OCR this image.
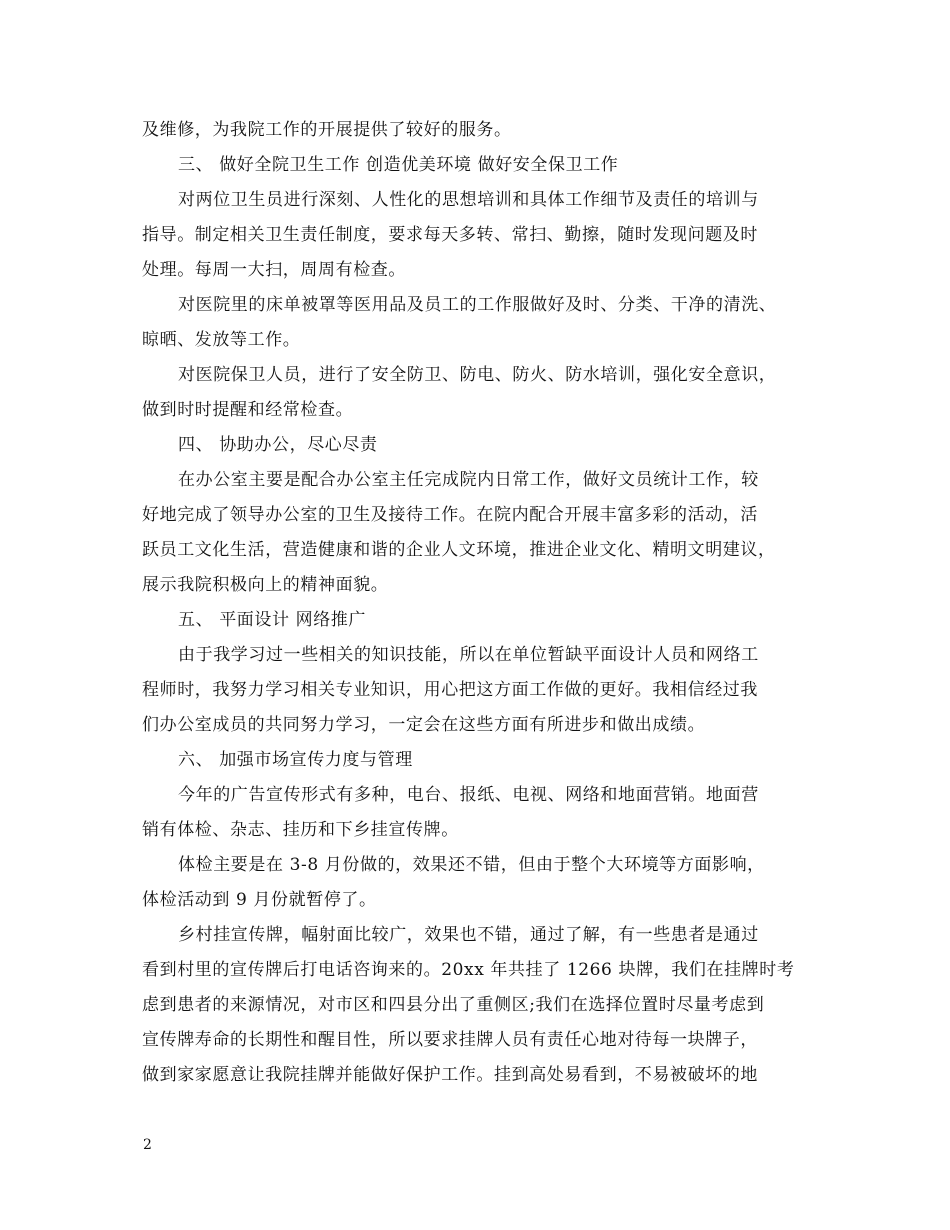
及维修，为我院工作的开展提供了较好的服务。
三、 做好全院卫生工作 创造优美环境 做好安全保卫工作
对两位卫生员进行深刻、人性化的思想培训和具体工作细节及责任的培训与
指导。制定相关卫生责任制度，要求每天多转、常扫、勤擦，随时发现问题及时
处理。每周一大扫，周周有检查。
对医院里的床单被罩等医用品及员工的工作服做好及时、分类、干净的清洗、
晾晒、发放等工作。
对医院保卫人员，进行了安全防卫、防电、防火、防水培训，强化安全意识，
做到时时提醒和经常检查。
四、 协助办公，尽心尽责
在办公室主要是配合办公室主任完成院内日常工作，做好文员统计工作，较
好地完成了领导办公室的卫生及接待工作。在院内配合开展丰富多彩的活动，活
跃员工文化生活，营造健康和谐的企业人文环境，推进企业文化、精明文明建议，
展示我院积极向上的精神面貌。
五、 平面设计 网络推广
由于我学习过一些相关的知识技能，所以在单位暂缺平面设计人员和网络工
程师时，我努力学习相关专业知识，用心把这方面工作做的更好。我相信经过我
们办公室成员的共同努力学习，一定会在这些方面有所进步和做出成绩。
六、 加强市场宣传力度与管理
今年的广告宣传形式有多种，电台、报纸、电视、网络和地面营销。地面营
销有体检、杂志、挂历和下乡挂宣传牌。
体检主要是在 3-8 月份做的，效果还不错，但由于整个大环境等方面影响，
体检活动到 9 月份就暂停了。
乡村挂宣传牌，幅射面比较广，效果也不错，通过了解，有一些患者是通过
看到村里的宣传牌后打电话咨询来的。20xx 年共挂了 1266 块牌，我们在挂牌时考
虑到患者的来源情况，对市区和四县分出了重侧区;我们在选择位置时尽量考虑到
宣传牌寿命的长期性和醒目性，所以要求挂牌人员有责任心地对待每一块牌子，
做到家家愿意让我院挂牌并能做好保护工作。挂到高处易看到，不易被破坏的地
2
